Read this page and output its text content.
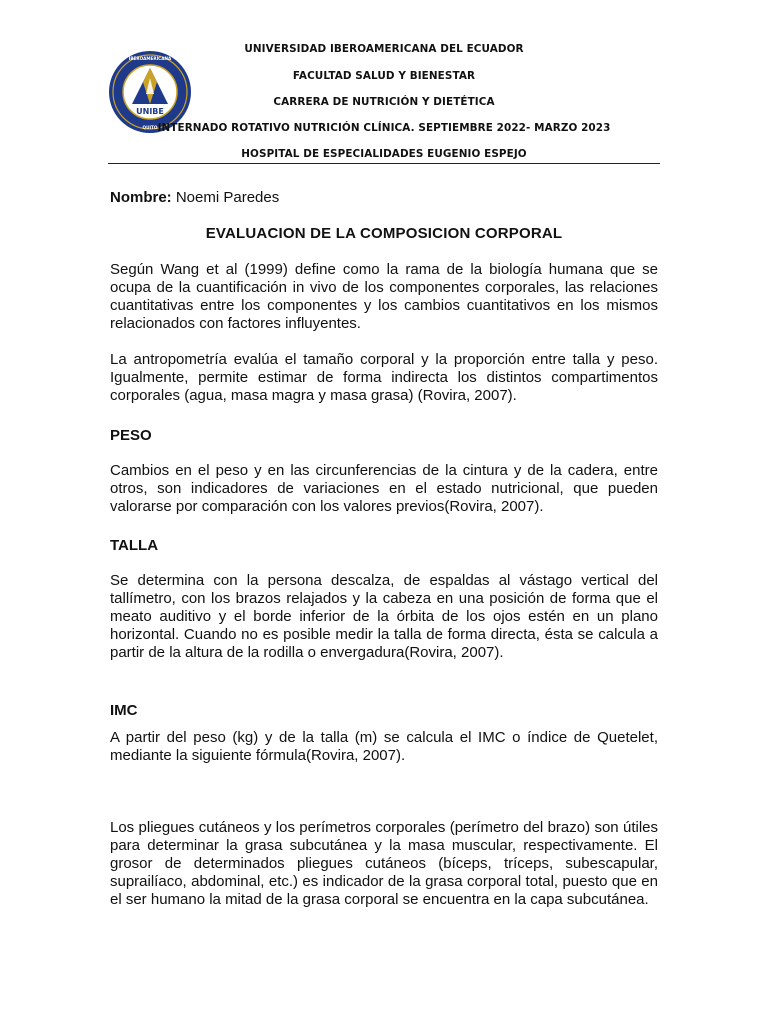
UNIBE
IBEROAMERICANA
QUITO
UNIVERSIDAD IBEROAMERICANA DEL ECUADOR
FACULTAD SALUD Y BIENESTAR
CARRERA DE NUTRICIÓN Y DIETÉTICA
INTERNADO ROTATIVO NUTRICIÓN CLÍNICA. SEPTIEMBRE 2022- MARZO 2023
HOSPITAL DE ESPECIALIDADES EUGENIO ESPEJO

Nombre: Noemi Paredes

EVALUACION DE LA COMPOSICION CORPORAL

Según Wang et al (1999) define como la rama de la biología humana que se ocupa de la cuantificación in vivo de los componentes corporales, las relaciones cuantitativas entre los componentes y los cambios cuantitativos en los mismos relacionados con factores influyentes.

La antropometría evalúa el tamaño corporal y la proporción entre talla y peso. Igualmente, permite estimar de forma indirecta los distintos compartimentos corporales (agua, masa magra y masa grasa) (Rovira, 2007).

PESO

Cambios en el peso y en las circunferencias de la cintura y de la cadera, entre otros, son indicadores de variaciones en el estado nutricional, que pueden valorarse por comparación con los valores previos(Rovira, 2007).

TALLA

Se determina con la persona descalza, de espaldas al vástago vertical del tallímetro, con los brazos relajados y la cabeza en una posición de forma que el meato auditivo y el borde inferior de la órbita de los ojos estén en un plano horizontal. Cuando no es posible medir la talla de forma directa, ésta se calcula a partir de la altura de la rodilla o envergadura(Rovira, 2007).

IMC

A partir del peso (kg) y de la talla (m) se calcula el IMC o índice de Quetelet, mediante la siguiente fórmula(Rovira, 2007).

Los pliegues cutáneos y los perímetros corporales (perímetro del brazo) son útiles para determinar la grasa subcutánea y la masa muscular, respectivamente. El grosor de determinados pliegues cutáneos (bíceps, tríceps, subescapular, suprailíaco, abdominal, etc.) es indicador de la grasa corporal total, puesto que en el ser humano la mitad de la grasa corporal se encuentra en la capa subcutánea.
